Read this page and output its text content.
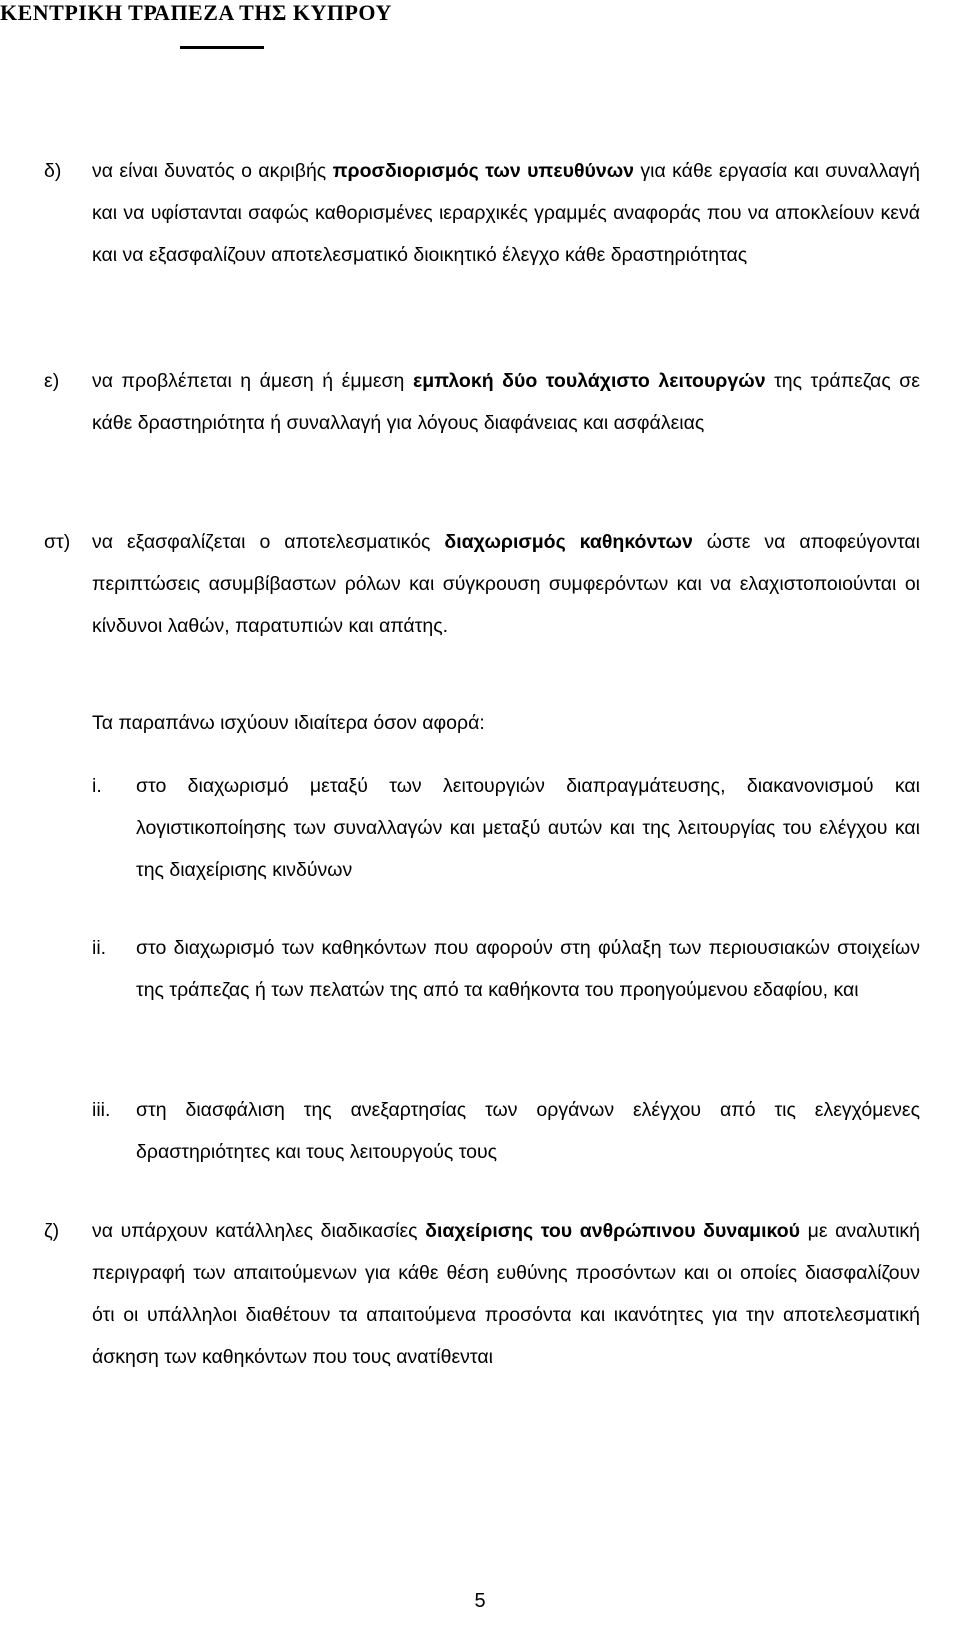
ΚΕΝΤΡΙΚΗ ΤΡΑΠΕΖΑ ΤΗΣ ΚΥΠΡΟΥ
δ) να είναι δυνατός ο ακριβής προσδιορισμός των υπευθύνων για κάθε εργασία και συναλλαγή και να υφίστανται σαφώς καθορισμένες ιεραρχικές γραμμές αναφοράς που να αποκλείουν κενά και να εξασφαλίζουν αποτελεσματικό διοικητικό έλεγχο κάθε δραστηριότητας
ε) να προβλέπεται η άμεση ή έμμεση εμπλοκή δύο τουλάχιστο λειτουργών της τράπεζας σε κάθε δραστηριότητα ή συναλλαγή για λόγους διαφάνειας και ασφάλειας
στ) να εξασφαλίζεται ο αποτελεσματικός διαχωρισμός καθηκόντων ώστε να αποφεύγονται περιπτώσεις ασυμβίβαστων ρόλων και σύγκρουση συμφερόντων και να ελαχιστοποιούνται οι κίνδυνοι λαθών, παρατυπιών και απάτης.
Τα παραπάνω ισχύουν ιδιαίτερα όσον αφορά:
i. στο διαχωρισμό μεταξύ των λειτουργιών διαπραγμάτευσης, διακανονισμού και λογιστικοποίησης των συναλλαγών και μεταξύ αυτών και της λειτουργίας του ελέγχου και της διαχείρισης κινδύνων
ii. στο διαχωρισμό των καθηκόντων που αφορούν στη φύλαξη των περιουσιακών στοιχείων της τράπεζας ή των πελατών της από τα καθήκοντα του προηγούμενου εδαφίου, και
iii. στη διασφάλιση της ανεξαρτησίας των οργάνων ελέγχου από τις ελεγχόμενες δραστηριότητες και τους λειτουργούς τους
ζ) να υπάρχουν κατάλληλες διαδικασίες διαχείρισης του ανθρώπινου δυναμικού με αναλυτική περιγραφή των απαιτούμενων για κάθε θέση ευθύνης προσόντων και οι οποίες διασφαλίζουν ότι οι υπάλληλοι διαθέτουν τα απαιτούμενα προσόντα και ικανότητες για την αποτελεσματική άσκηση των καθηκόντων που τους ανατίθενται
5
